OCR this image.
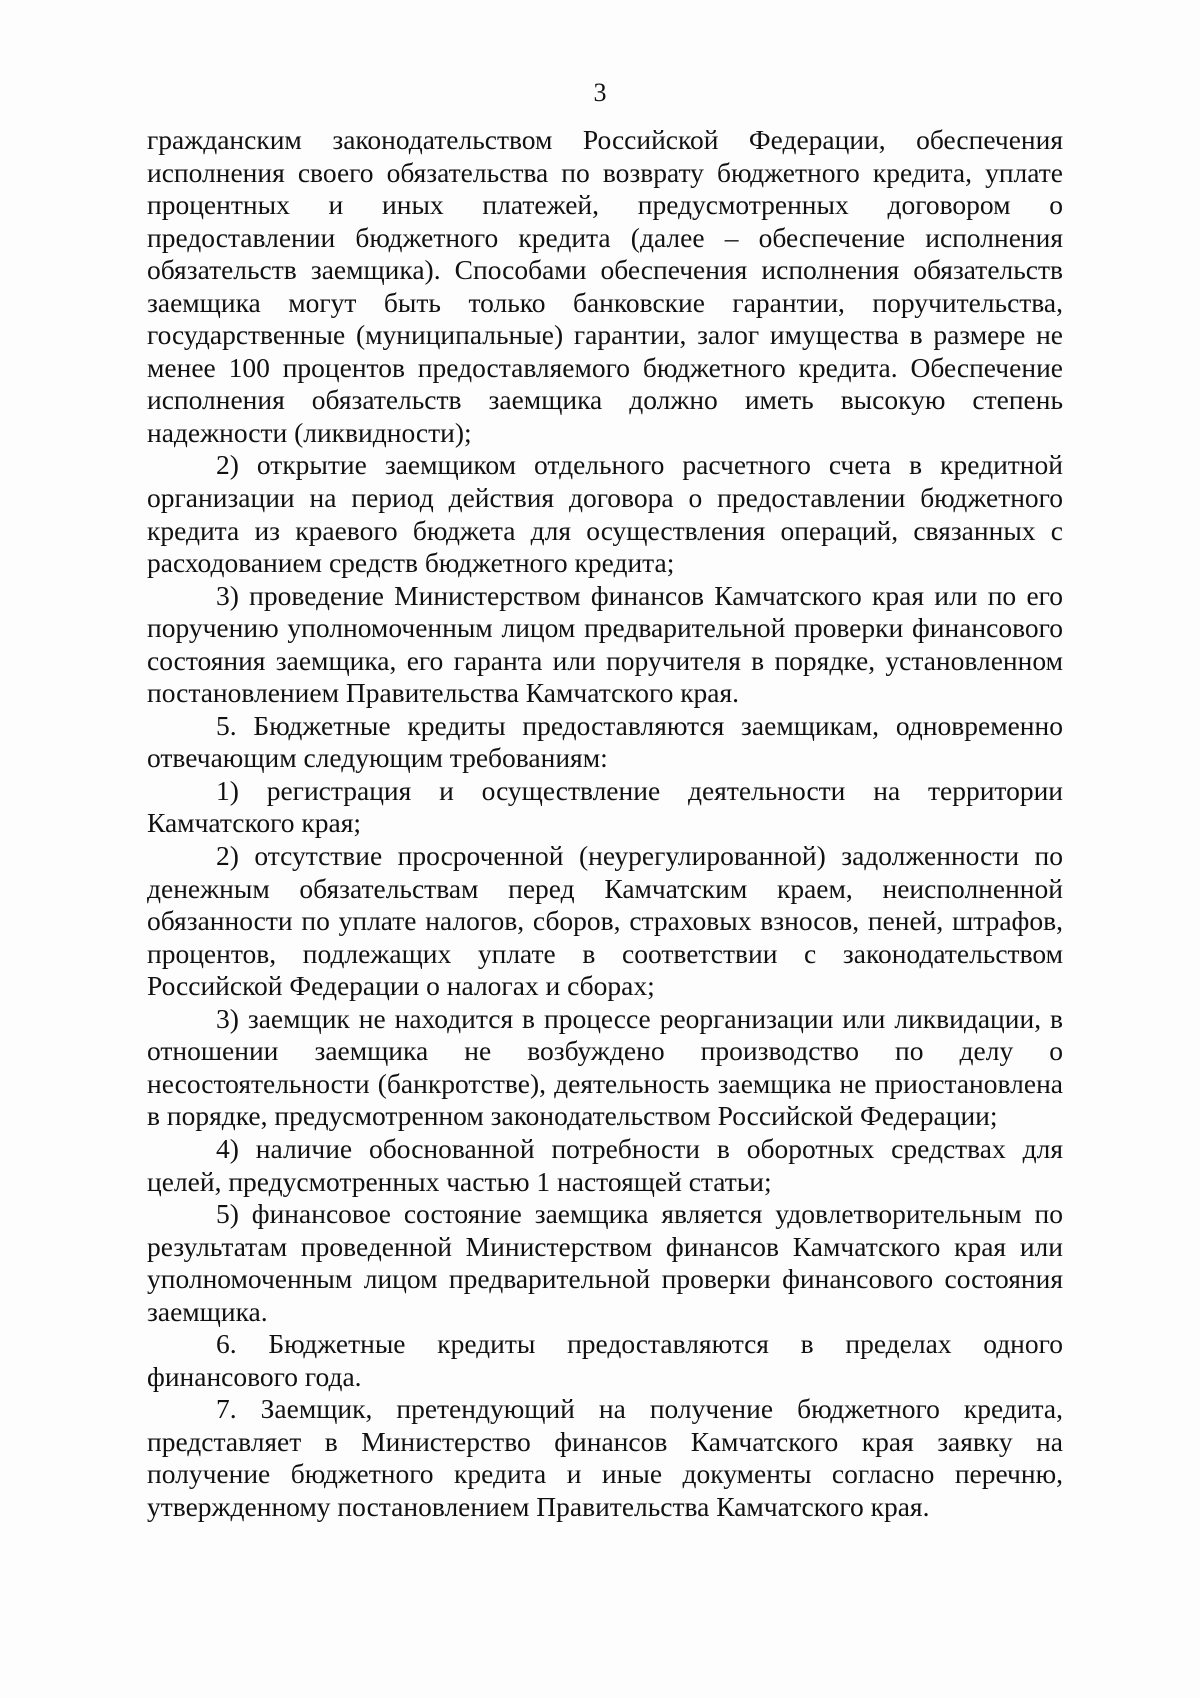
3

гражданским законодательством Российской Федерации, обеспечения исполнения своего обязательства по возврату бюджетного кредита, уплате процентных и иных платежей, предусмотренных договором о предоставлении бюджетного кредита (далее – обеспечение исполнения обязательств заемщика). Способами обеспечения исполнения обязательств заемщика могут быть только банковские гарантии, поручительства, государственные (муниципальные) гарантии, залог имущества в размере не менее 100 процентов предоставляемого бюджетного кредита. Обеспечение исполнения обязательств заемщика должно иметь высокую степень надежности (ликвидности);

2) открытие заемщиком отдельного расчетного счета в кредитной организации на период действия договора о предоставлении бюджетного кредита из краевого бюджета для осуществления операций, связанных с расходованием средств бюджетного кредита;

3) проведение Министерством финансов Камчатского края или по его поручению уполномоченным лицом предварительной проверки финансового состояния заемщика, его гаранта или поручителя в порядке, установленном постановлением Правительства Камчатского края.

5. Бюджетные кредиты предоставляются заемщикам, одновременно отвечающим следующим требованиям:

1) регистрация и осуществление деятельности на территории Камчатского края;

2) отсутствие просроченной (неурегулированной) задолженности по денежным обязательствам перед Камчатским краем, неисполненной обязанности по уплате налогов, сборов, страховых взносов, пеней, штрафов, процентов, подлежащих уплате в соответствии с законодательством Российской Федерации о налогах и сборах;

3) заемщик не находится в процессе реорганизации или ликвидации, в отношении заемщика не возбуждено производство по делу о несостоятельности (банкротстве), деятельность заемщика не приостановлена в порядке, предусмотренном законодательством Российской Федерации;

4) наличие обоснованной потребности в оборотных средствах для целей, предусмотренных частью 1 настоящей статьи;

5) финансовое состояние заемщика является удовлетворительным по результатам проведенной Министерством финансов Камчатского края или уполномоченным лицом предварительной проверки финансового состояния заемщика.

6. Бюджетные кредиты предоставляются в пределах одного финансового года.

7. Заемщик, претендующий на получение бюджетного кредита, представляет в Министерство финансов Камчатского края заявку на получение бюджетного кредита и иные документы согласно перечню, утвержденному постановлением Правительства Камчатского края.
